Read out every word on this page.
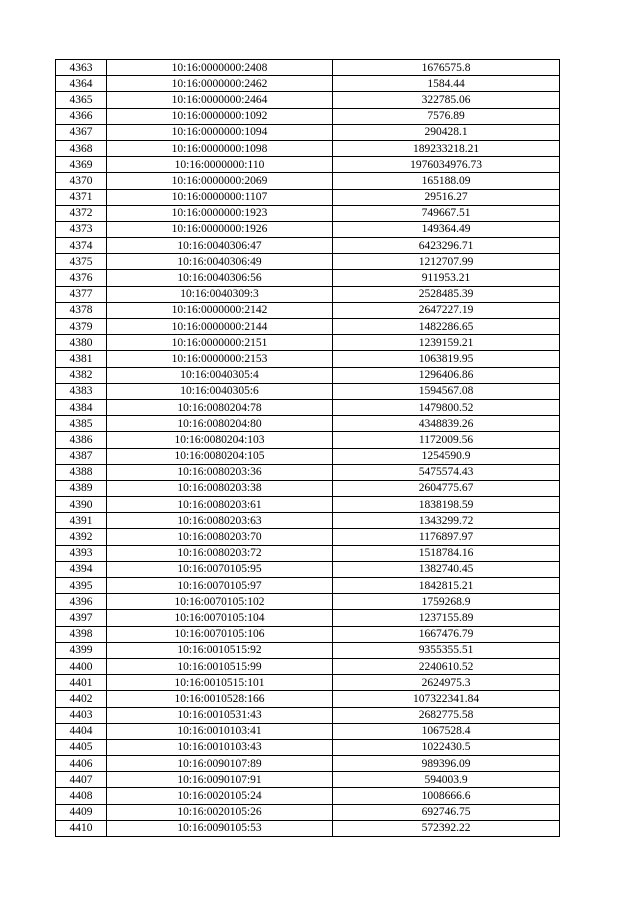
4363	10:16:0000000:2408	1676575.8
4364	10:16:0000000:2462	1584.44
4365	10:16:0000000:2464	322785.06
4366	10:16:0000000:1092	7576.89
4367	10:16:0000000:1094	290428.1
4368	10:16:0000000:1098	189233218.21
4369	10:16:0000000:110	1976034976.73
4370	10:16:0000000:2069	165188.09
4371	10:16:0000000:1107	29516.27
4372	10:16:0000000:1923	749667.51
4373	10:16:0000000:1926	149364.49
4374	10:16:0040306:47	6423296.71
4375	10:16:0040306:49	1212707.99
4376	10:16:0040306:56	911953.21
4377	10:16:0040309:3	2528485.39
4378	10:16:0000000:2142	2647227.19
4379	10:16:0000000:2144	1482286.65
4380	10:16:0000000:2151	1239159.21
4381	10:16:0000000:2153	1063819.95
4382	10:16:0040305:4	1296406.86
4383	10:16:0040305:6	1594567.08
4384	10:16:0080204:78	1479800.52
4385	10:16:0080204:80	4348839.26
4386	10:16:0080204:103	1172009.56
4387	10:16:0080204:105	1254590.9
4388	10:16:0080203:36	5475574.43
4389	10:16:0080203:38	2604775.67
4390	10:16:0080203:61	1838198.59
4391	10:16:0080203:63	1343299.72
4392	10:16:0080203:70	1176897.97
4393	10:16:0080203:72	1518784.16
4394	10:16:0070105:95	1382740.45
4395	10:16:0070105:97	1842815.21
4396	10:16:0070105:102	1759268.9
4397	10:16:0070105:104	1237155.89
4398	10:16:0070105:106	1667476.79
4399	10:16:0010515:92	9355355.51
4400	10:16:0010515:99	2240610.52
4401	10:16:0010515:101	2624975.3
4402	10:16:0010528:166	107322341.84
4403	10:16:0010531:43	2682775.58
4404	10:16:0010103:41	1067528.4
4405	10:16:0010103:43	1022430.5
4406	10:16:0090107:89	989396.09
4407	10:16:0090107:91	594003.9
4408	10:16:0020105:24	1008666.6
4409	10:16:0020105:26	692746.75
4410	10:16:0090105:53	572392.22
